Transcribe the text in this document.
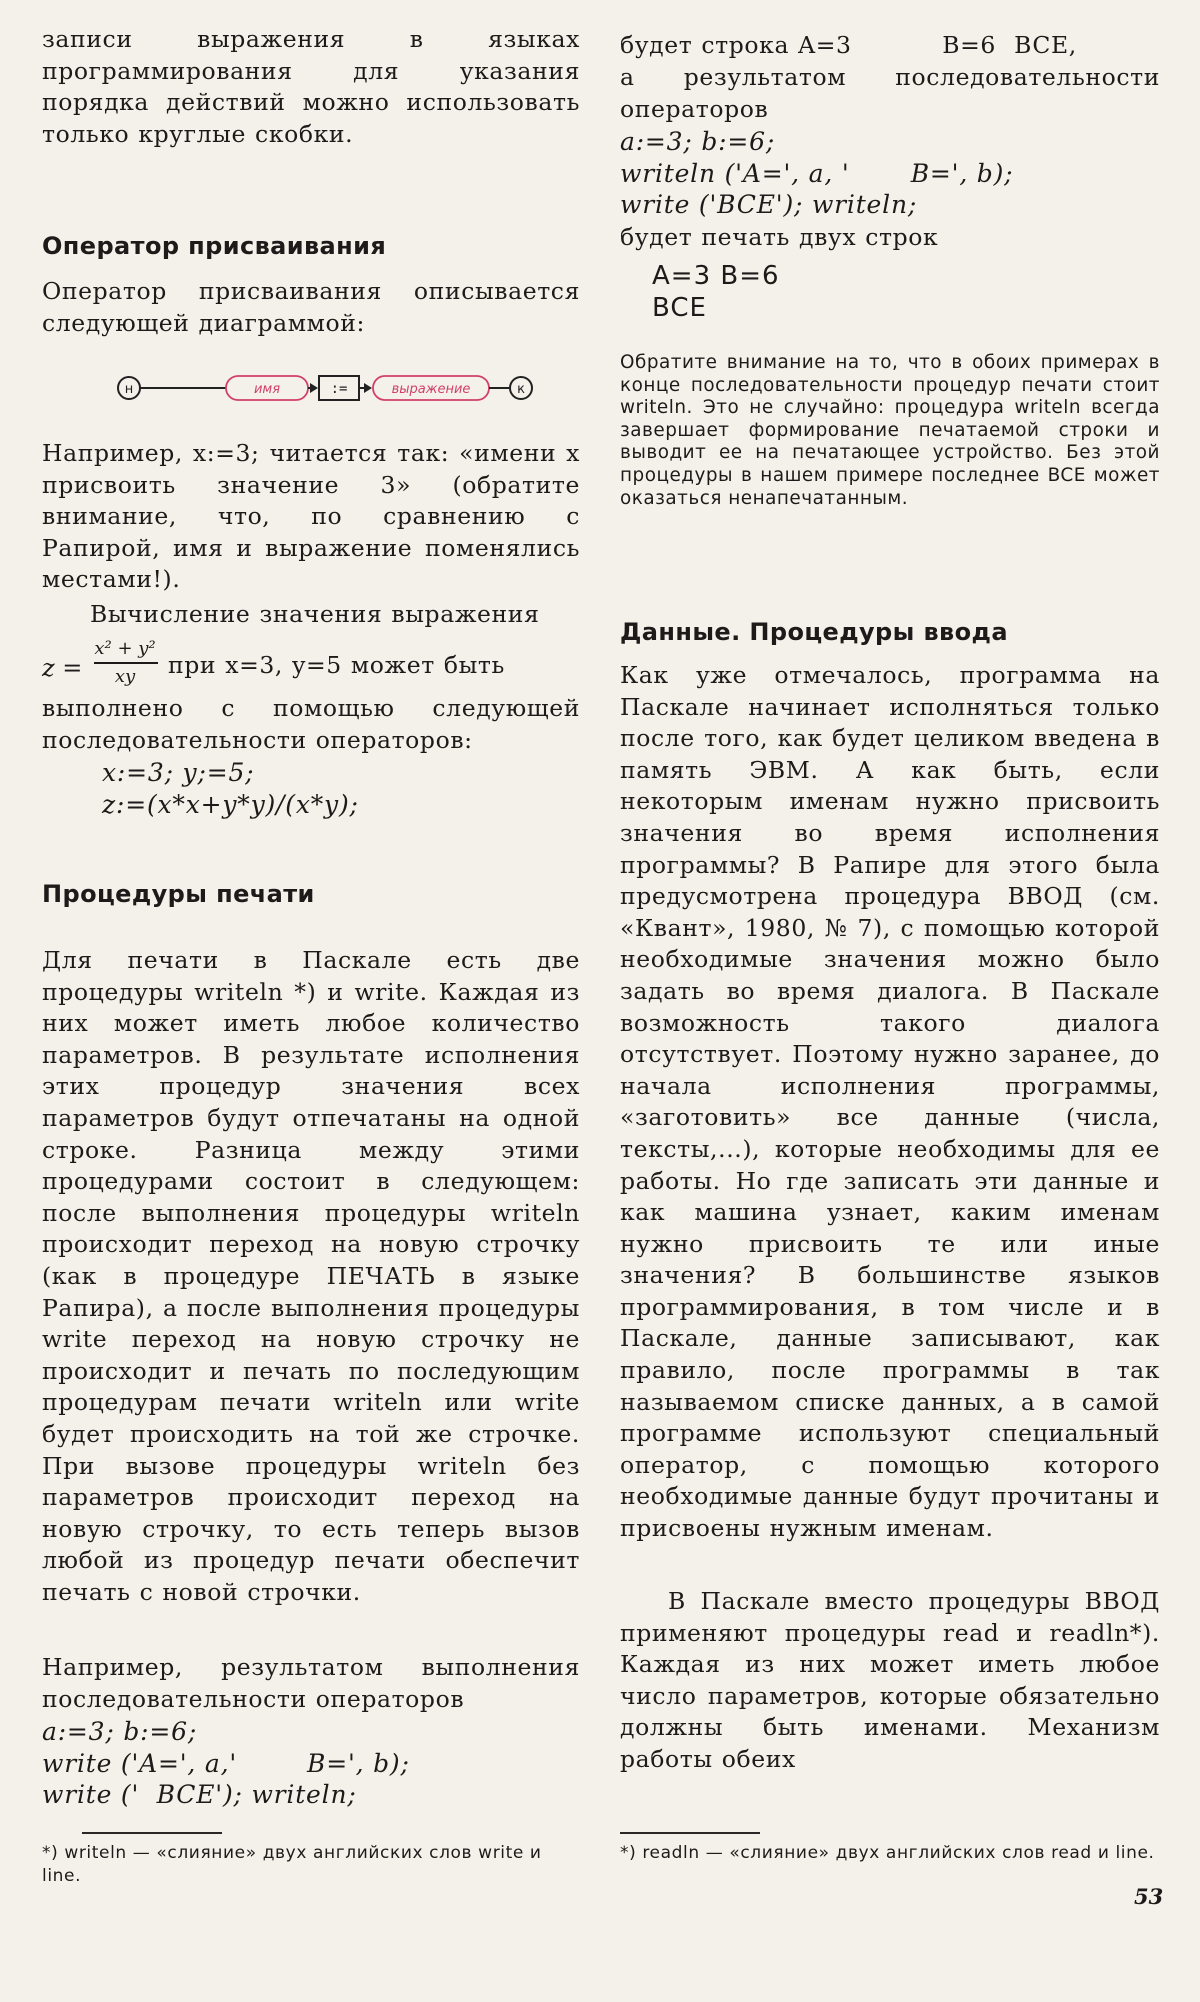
записи выражения в языках программирования для указания порядка действий можно использовать только круглые скобки.
Оператор присваивания
Оператор присваивания описывается следующей диаграммой:
н	имя	:=	выражение	к
Например, x:=3; читается так: «имени x присвоить значение 3» (обратите внимание, что, по сравнению с Рапирой, имя и выражение поменялись местами!).
Вычисление значения выражения
z =
x² + y²
xy	при x=3, y=5 может быть
выполнено с помощью следующей последовательности операторов:
x:=3; y;=5;
z:=(x*x+y*y)/(x*y);
Процедуры печати
Для печати в Паскале есть две процедуры writeln *) и write. Каждая из них может иметь любое количество параметров. В результате исполнения этих процедур значения всех параметров будут отпечатаны на одной строке. Разница между этими процедурами состоит в следующем: после выполнения процедуры writeln происходит переход на новую строчку (как в процедуре ПЕЧАТЬ в языке Рапира), а после выполнения процедуры write переход на новую строчку не происходит и печать по последующим процедурам печати writeln или write будет происходить на той же строчке. При вызове процедуры writeln без параметров происходит переход на новую строчку, то есть теперь вызов любой из процедур печати обеспечит печать с новой строчки.
Например, результатом выполнения последовательности операторов
a:=3; b:=6;
write ('A=', a,'        B=', b);
write ('  BCE'); writeln;
*) writeln — «слияние» двух английских слов write и line.
будет строка A=3          B=6  BCE,
а результатом последовательности операторов
a:=3; b:=6;
writeln ('A=', a, '       B=', b);
write ('BCE'); writeln;
будет печать двух строк
A=3 B=6
BCE
Обратите внимание на то, что в обоих примерах в конце последовательности процедур печати стоит writeln. Это не случайно: процедура writeln всегда завершает формирование печатаемой строки и выводит ее на печатающее устройство. Без этой процедуры в нашем примере последнее BCE может оказаться ненапечатанным.
Данные. Процедуры ввода
Как уже отмечалось, программа на Паскале начинает исполняться только после того, как будет целиком введена в память ЭВМ. А как быть, если некоторым именам нужно присвоить значения во время исполнения программы? В Рапире для этого была предусмотрена процедура ВВОД (см. «Квант», 1980, № 7), с помощью которой необходимые значения можно было задать во время диалога. В Паскале возможность такого диалога отсутствует. Поэтому нужно заранее, до начала исполнения программы, «заготовить» все данные (числа, тексты,...), которые необходимы для ее работы. Но где записать эти данные и как машина узнает, каким именам нужно присвоить те или иные значения? В большинстве языков программирования, в том числе и в Паскале, данные записывают, как правило, после программы в так называемом списке данных, а в самой программе используют специальный оператор, с помощью которого необходимые данные будут прочитаны и присвоены нужным именам.
В Паскале вместо процедуры ВВОД применяют процедуры read и readln*). Каждая из них может иметь любое число параметров, которые обязательно должны быть именами. Механизм работы обеих
*) readln — «слияние» двух английских слов read и line.
53
